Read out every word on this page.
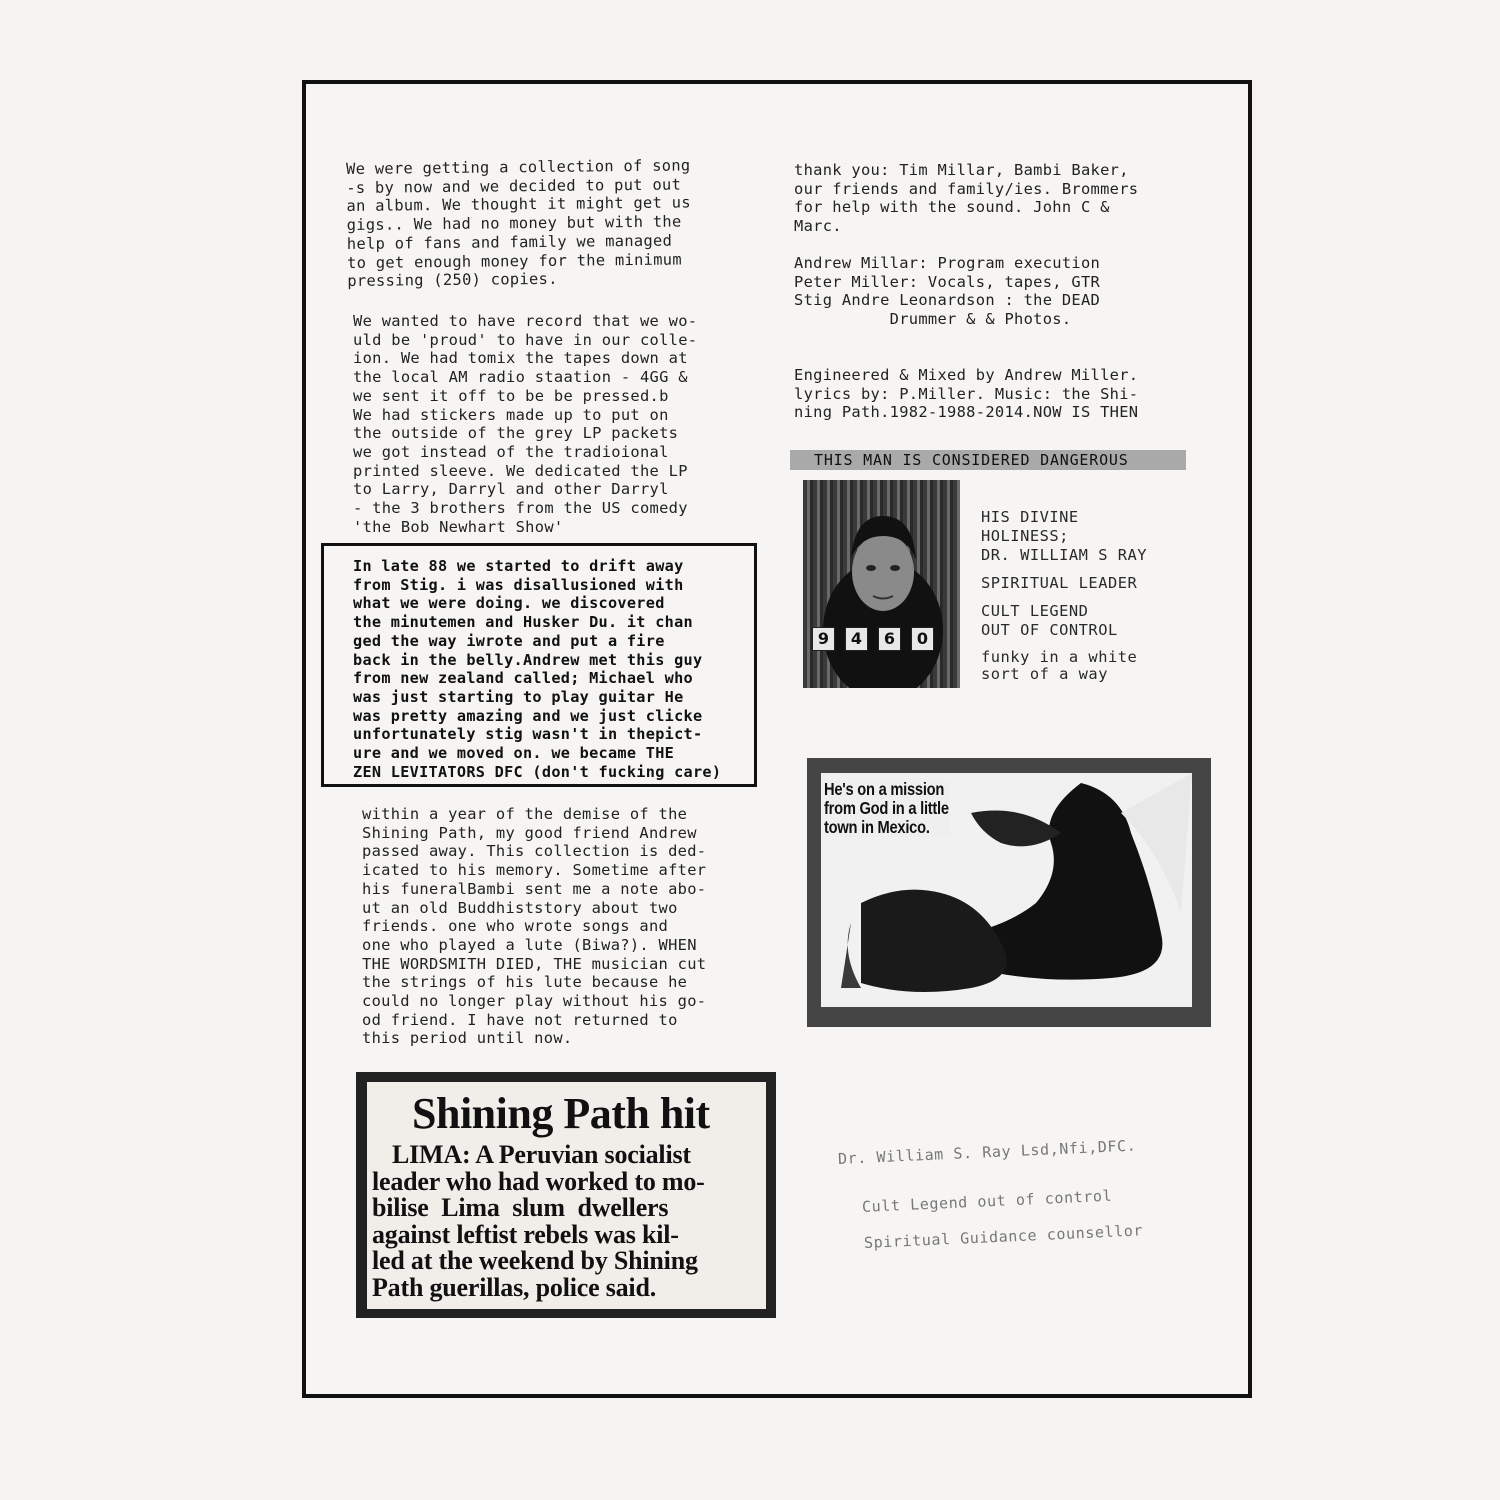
We were getting a collection of song
-s by now and we decided to put out
an album. We thought it might get us
gigs.. We had no money but with the
help of fans and family we managed
to get enough money for the minimum
pressing (250) copies.
We wanted to have record that we wo-
uld be 'proud' to have in our colle-
ion. We had tomix the tapes down at
the local AM radio staation - 4GG &
we sent it off to be be pressed.b
We had stickers made up to put on
the outside of the grey LP packets
we got instead of the tradioional
printed sleeve. We dedicated the LP
to Larry, Darryl and other Darryl
- the 3 brothers from the US comedy
'the Bob Newhart Show'
In late 88 we started to drift away
from Stig. i was disallusioned with
what we were doing. we discovered
the minutemen and Husker Du. it chan
ged the way iwrote and put a fire
back in the belly.Andrew met this guy
from new zealand called; Michael who
was just starting to play guitar He
was pretty amazing and we just clicke
unfortunately stig wasn't in thepict-
ure and we moved on. we became THE
ZEN LEVITATORS DFC (don't fucking care)
within a year of the demise of the
Shining Path, my good friend Andrew
passed away. This collection is ded-
icated to his memory. Sometime after
his funeralBambi sent me a note abo-
ut an old Buddhiststory about two
friends. one who wrote songs and
one who played a lute (Biwa?). WHEN
THE WORDSMITH DIED, THE musician cut
the strings of his lute because he
could no longer play without his go-
od friend. I have not returned to
this period until now.
thank you: Tim Millar, Bambi Baker,
our friends and family/ies. Brommers
for help with the sound. John C &
Marc.
Andrew Millar: Program execution
Peter Miller: Vocals, tapes, GTR
Stig Andre Leonardson : the DEAD
Drummer & & Photos.
Engineered & Mixed by Andrew Miller.
lyrics by: P.Miller. Music: the Shi-
ning Path.1982-1988-2014.NOW IS THEN
THIS MAN IS CONSIDERED DANGEROUS
9	4	6	0
HIS DIVINE
HOLINESS;
DR. WILLIAM S RAY
SPIRITUAL LEADER
CULT LEGEND
OUT OF CONTROL
funky in a white
sort of a way
He's on a mission
from God in a little
town in Mexico.
Shining Path hit
LIMA: A Peruvian socialist
leader who had worked to mo-
bilise  Lima  slum  dwellers
against leftist rebels was kil-
led at the weekend by Shining
Path guerillas, police said.
Dr. William S. Ray Lsd,Nfi,DFC.
Cult Legend out of control
Spiritual Guidance counsellor
